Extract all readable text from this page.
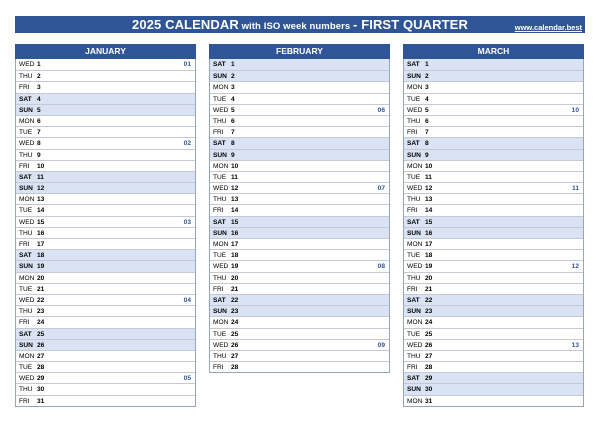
2025 CALENDAR with ISO week numbers - FIRST QUARTER	www.calendar.best
JANUARY
WED 1	01
THU 2
FRI 3
SAT 4
SUN 5
MON 6
TUE 7
WED 8	02
THU 9
FRI 10
SAT 11
SUN 12
MON 13
TUE 14
WED 15	03
THU 16
FRI 17
SAT 18
SUN 19
MON 20
TUE 21
WED 22	04
THU 23
FRI 24
SAT 25
SUN 26
MON 27
TUE 28
WED 29	05
THU 30
FRI 31
FEBRUARY
SAT 1
SUN 2
MON 3
TUE 4
WED 5	06
THU 6
FRI 7
SAT 8
SUN 9
MON 10
TUE 11
WED 12	07
THU 13
FRI 14
SAT 15
SUN 16
MON 17
TUE 18
WED 19	08
THU 20
FRI 21
SAT 22
SUN 23
MON 24
TUE 25
WED 26	09
THU 27
FRI 28
MARCH
SAT 1
SUN 2
MON 3
TUE 4
WED 5	10
THU 6
FRI 7
SAT 8
SUN 9
MON 10
TUE 11
WED 12	11
THU 13
FRI 14
SAT 15
SUN 16
MON 17
TUE 18
WED 19	12
THU 20
FRI 21
SAT 22
SUN 23
MON 24
TUE 25
WED 26	13
THU 27
FRI 28
SAT 29
SUN 30
MON 31
